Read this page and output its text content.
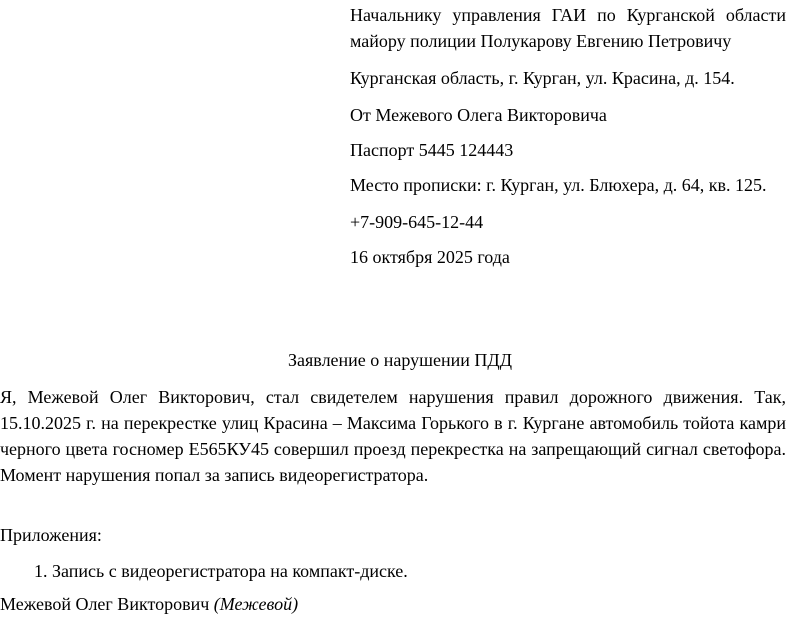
Начальнику управления ГАИ по Курганской области майору полиции Полукарову Евгению Петровичу

Курганская область, г. Курган, ул. Красина, д. 154.

От Межевого Олега Викторовича

Паспорт 5445 124443

Место прописки: г. Курган, ул. Блюхера, д. 64, кв. 125.

+7-909-645-12-44

16 октября 2025 года

Заявление о нарушении ПДД

Я, Межевой Олег Викторович, стал свидетелем нарушения правил дорожного движения. Так, 15.10.2025 г. на перекрестке улиц Красина – Максима Горького в г. Кургане автомобиль тойота камри черного цвета госномер Е565КУ45 совершил проезд перекрестка на запрещающий сигнал светофора. Момент нарушения попал за запись видеорегистратора.

Приложения:

1. Запись с видеорегистратора на компакт-диске.

Межевой Олег Викторович (Межевой)
